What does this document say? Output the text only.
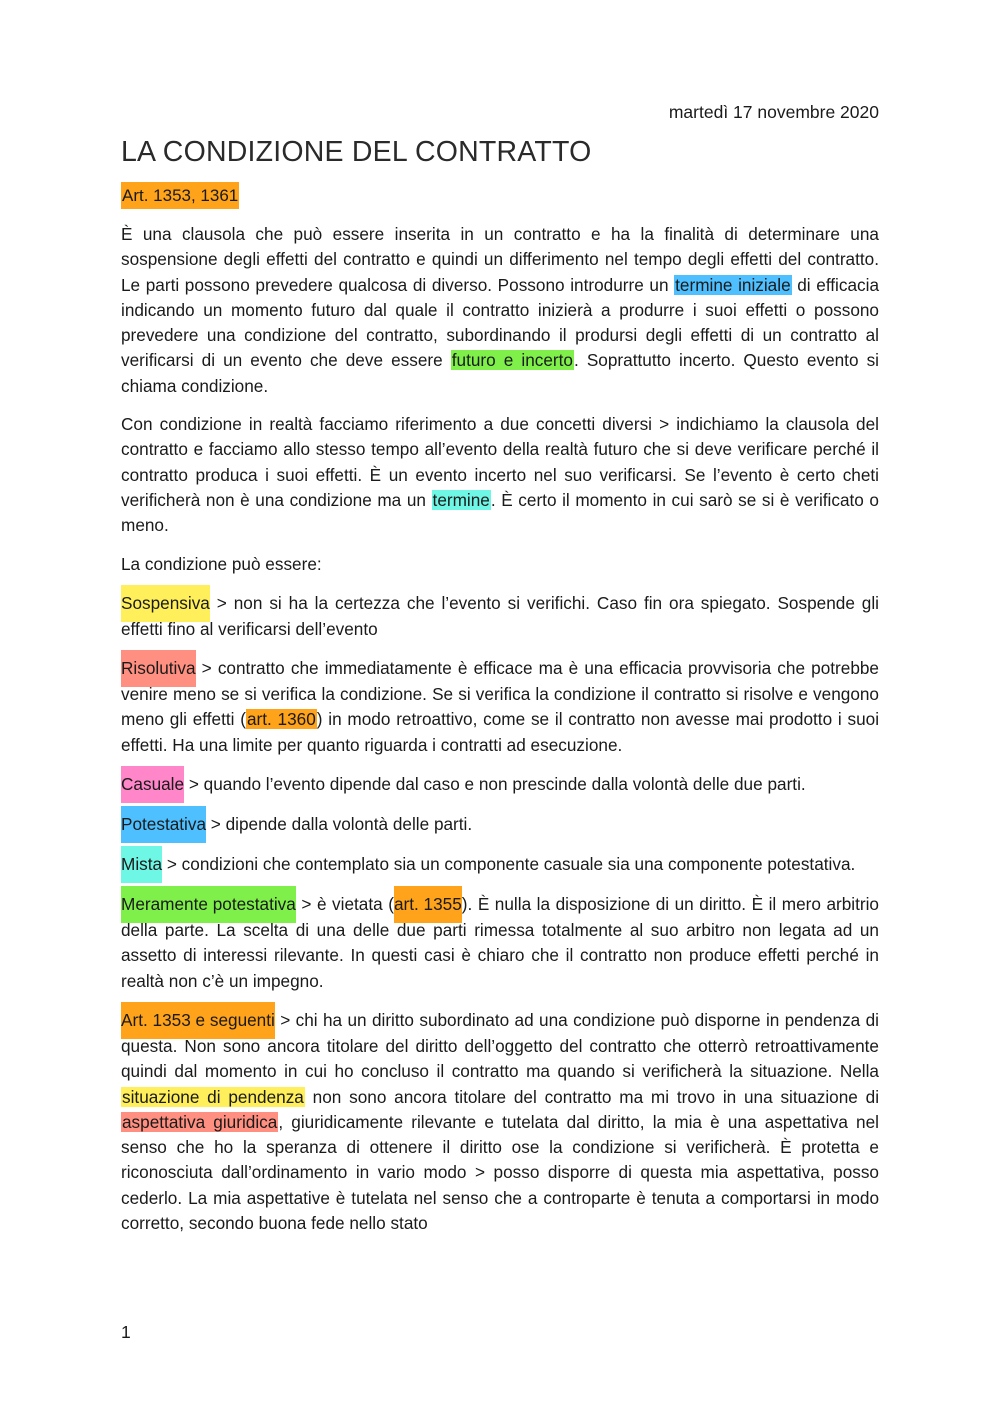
martedì 17 novembre 2020
LA CONDIZIONE DEL CONTRATTO
Art. 1353, 1361

È una clausola che può essere inserita in un contratto e ha la finalità di determinare una sospensione degli effetti del contratto e quindi un differimento nel tempo degli effetti del contratto. Le parti possono prevedere qualcosa di diverso. Possono introdurre un termine iniziale di efficacia indicando un momento futuro dal quale il contratto inizierà a produrre i suoi effetti o possono prevedere una condizione del contratto, subordinando il prodursi degli effetti di un contratto al verificarsi di un evento che deve essere futuro e incerto. Soprattutto incerto. Questo evento si chiama condizione.

Con condizione in realtà facciamo riferimento a due concetti diversi > indichiamo la clausola del contratto e facciamo allo stesso tempo all’evento della realtà futuro che si deve verificare perché il contratto produca i suoi effetti. È un evento incerto nel suo verificarsi. Se l’evento è certo cheti verificherà non è una condizione ma un termine. È certo il momento in cui sarò se si è verificato o meno.

La condizione può essere:

Sospensiva > non si ha la certezza che l’evento si verifichi. Caso fin ora spiegato. Sospende gli effetti fino al verificarsi dell’evento

Risolutiva > contratto che immediatamente è efficace ma è una efficacia provvisoria che potrebbe venire meno se si verifica la condizione. Se si verifica la condizione il contratto si risolve e vengono meno gli effetti (art. 1360) in modo retroattivo, come se il contratto non avesse mai prodotto i suoi effetti. Ha una limite per quanto riguarda i contratti ad esecuzione.

Casuale > quando l’evento dipende dal caso e non prescinde dalla volontà delle due parti.

Potestativa > dipende dalla volontà delle parti.

Mista > condizioni che contemplato sia un componente casuale sia una componente potestativa.

Meramente potestativa > è vietata (art. 1355). È nulla la disposizione di un diritto. È il mero arbitrio della parte. La scelta di una delle due parti rimessa totalmente al suo arbitro non legata ad un assetto di interessi rilevante. In questi casi è chiaro che il contratto non produce effetti perché in realtà non c’è un impegno.

Art. 1353 e seguenti > chi ha un diritto subordinato ad una condizione può disporne in pendenza di questa. Non sono ancora titolare del diritto dell’oggetto del contratto che otterrò retroattivamente quindi dal momento in cui ho concluso il contratto ma quando si verificherà la situazione. Nella situazione di pendenza non sono ancora titolare del contratto ma mi trovo in una situazione di aspettativa giuridica, giuridicamente rilevante e tutelata dal diritto, la mia è una aspettativa nel senso che ho la speranza di ottenere il diritto ose la condizione si verificherà. È protetta e riconosciuta dall’ordinamento in vario modo > posso disporre di questa mia aspettativa, posso cederlo. La mia aspettative è tutelata nel senso che a controparte è tenuta a comportarsi in modo corretto, secondo buona fede nello stato

1
